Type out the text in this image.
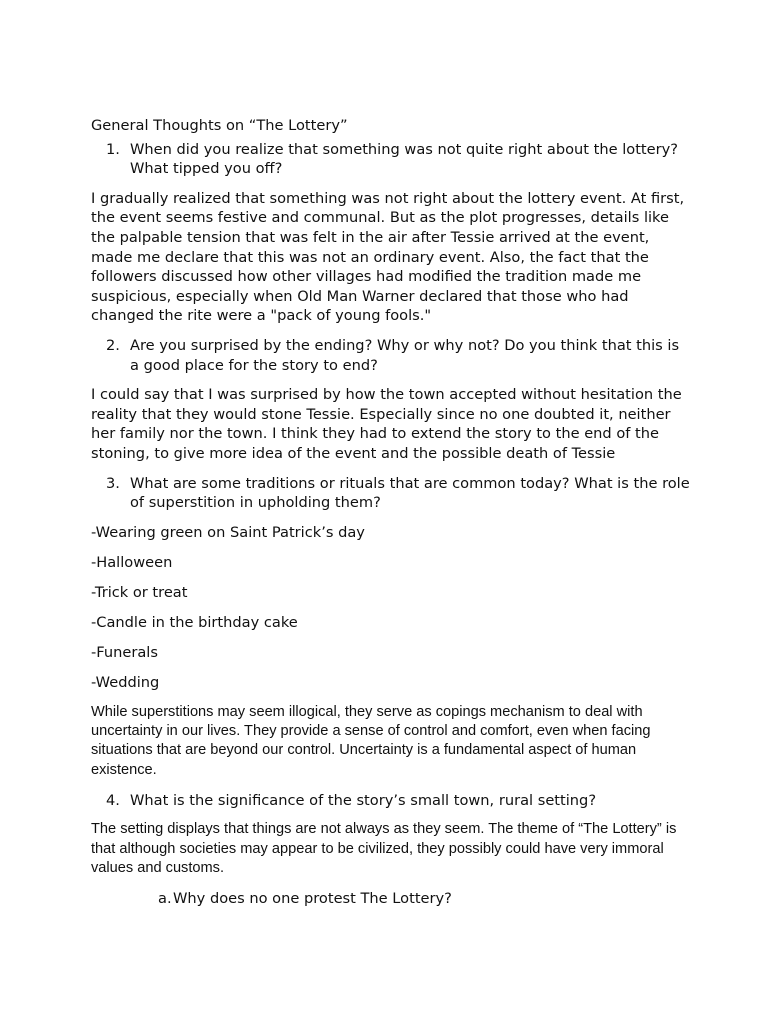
General Thoughts on “The Lottery”
1. When did you realize that something was not quite right about the lottery? What tipped you off?

I gradually realized that something was not right about the lottery event. At first, the event seems festive and communal. But as the plot progresses, details like the palpable tension that was felt in the air after Tessie arrived at the event, made me declare that this was not an ordinary event. Also, the fact that the followers discussed how other villages had modified the tradition made me suspicious, especially when Old Man Warner declared that those who had changed the rite were a "pack of young fools."

2. Are you surprised by the ending? Why or why not? Do you think that this is a good place for the story to end?

I could say that I was surprised by how the town accepted without hesitation the reality that they would stone Tessie. Especially since no one doubted it, neither her family nor the town. I think they had to extend the story to the end of the stoning, to give more idea of the event and the possible death of Tessie

3. What are some traditions or rituals that are common today? What is the role of superstition in upholding them?

-Wearing green on Saint Patrick’s day

-Halloween

-Trick or treat

-Candle in the birthday cake

-Funerals

-Wedding

While superstitions may seem illogical, they serve as copings mechanism to deal with uncertainty in our lives. They provide a sense of control and comfort, even when facing situations that are beyond our control. Uncertainty is a fundamental aspect of human existence.

4. What is the significance of the story’s small town, rural setting?

The setting displays that things are not always as they seem. The theme of “The Lottery” is that although societies may appear to be civilized, they possibly could have very immoral values and customs.

a. Why does no one protest The Lottery?
